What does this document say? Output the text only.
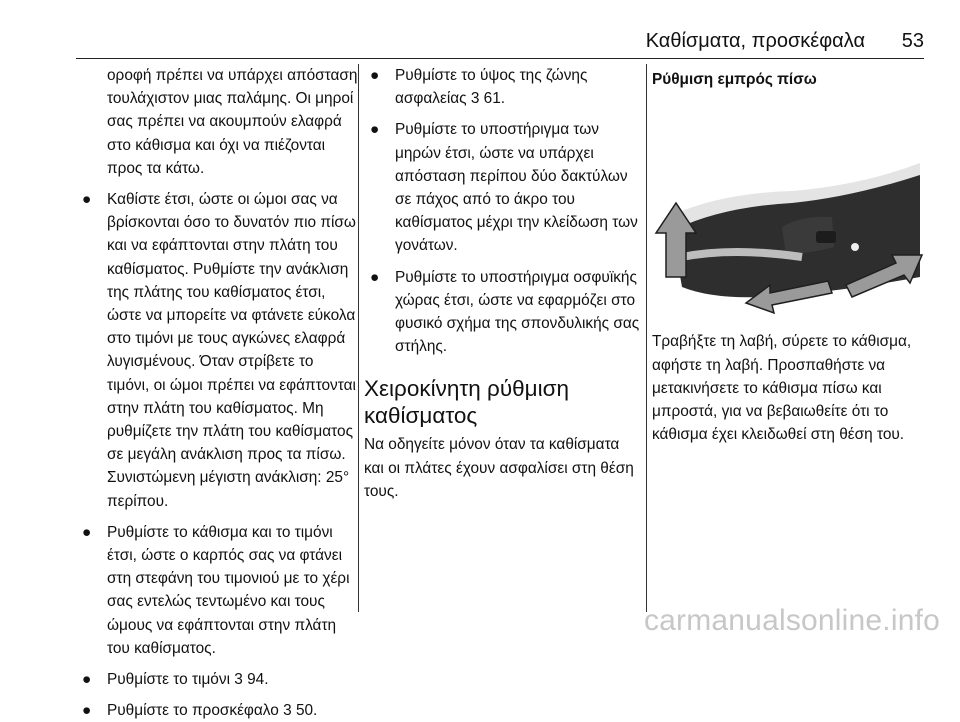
Καθίσματα, προσκέφαλα 53

οροφή πρέπει να υπάρχει απόσταση τουλάχιστον μιας παλάμης. Οι μηροί σας πρέπει να ακουμπούν ελαφρά στο κάθισμα και όχι να πιέζονται προς τα κάτω.

● Καθίστε έτσι, ώστε οι ώμοι σας να βρίσκονται όσο το δυνατόν πιο πίσω και να εφάπτονται στην πλάτη του καθίσματος. Ρυθμίστε την ανάκλιση της πλάτης του καθίσματος έτσι, ώστε να μπορείτε να φτάνετε εύκολα στο τιμόνι με τους αγκώνες ελαφρά λυγισμένους. Όταν στρίβετε το τιμόνι, οι ώμοι πρέπει να εφάπτονται στην πλάτη του καθίσματος. Μη ρυθμίζετε την πλάτη του καθίσματος σε μεγάλη ανάκλιση προς τα πίσω. Συνιστώμενη μέγιστη ανάκλιση: 25° περίπου.
● Ρυθμίστε το κάθισμα και το τιμόνι έτσι, ώστε ο καρπός σας να φτάνει στη στεφάνη του τιμονιού με το χέρι σας εντελώς τεντωμένο και τους ώμους να εφάπτονται στην πλάτη του καθίσματος.
● Ρυθμίστε το τιμόνι 3 94.
● Ρυθμίστε το προσκέφαλο 3 50.
● Ρυθμίστε το ύψος της ζώνης ασφαλείας 3 61.
● Ρυθμίστε το υποστήριγμα των μηρών έτσι, ώστε να υπάρχει απόσταση περίπου δύο δακτύλων σε πάχος από το άκρο του καθίσματος μέχρι την κλείδωση των γονάτων.
● Ρυθμίστε το υποστήριγμα οσφυϊκής χώρας έτσι, ώστε να εφαρμόζει στο φυσικό σχήμα της σπονδυλικής σας στήλης.
Χειροκίνητη ρύθμιση καθίσματος

Να οδηγείτε μόνον όταν τα καθίσματα και οι πλάτες έχουν ασφαλίσει στη θέση τους.

Ρύθμιση εμπρός πίσω

Τραβήξτε τη λαβή, σύρετε το κάθισμα, αφήστε τη λαβή. Προσπαθήστε να μετακινήσετε το κάθισμα πίσω και μπροστά, για να βεβαιωθείτε ότι το κάθισμα έχει κλειδωθεί στη θέση του.

carmanualsonline.info
